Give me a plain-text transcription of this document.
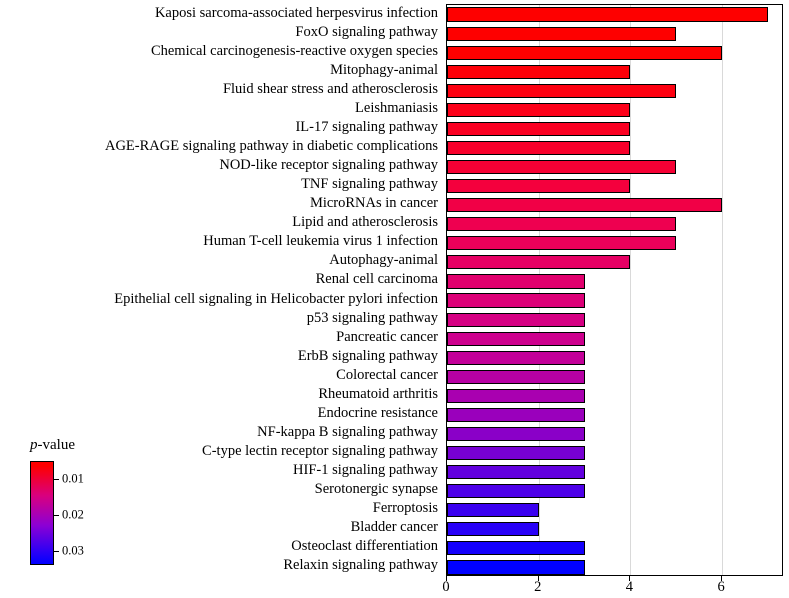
Kaposi sarcoma-associated herpesvirus infection
FoxO signaling pathway
Chemical carcinogenesis-reactive oxygen species
Mitophagy-animal
Fluid shear stress and atherosclerosis
Leishmaniasis
IL-17 signaling pathway
AGE-RAGE signaling pathway in diabetic complications
NOD-like receptor signaling pathway
TNF signaling pathway
MicroRNAs in cancer
Lipid and atherosclerosis
Human T-cell leukemia virus 1 infection
Autophagy-animal
Renal cell carcinoma
Epithelial cell signaling in Helicobacter pylori infection
p53 signaling pathway
Pancreatic cancer
ErbB signaling pathway
Colorectal cancer
Rheumatoid arthritis
Endocrine resistance
NF-kappa B signaling pathway
C-type lectin receptor signaling pathway
HIF-1 signaling pathway
Serotonergic synapse
Ferroptosis
Bladder cancer
Osteoclast differentiation
Relaxin signaling pathway
0	2	4	6
p-value
0.01
0.02
0.03
